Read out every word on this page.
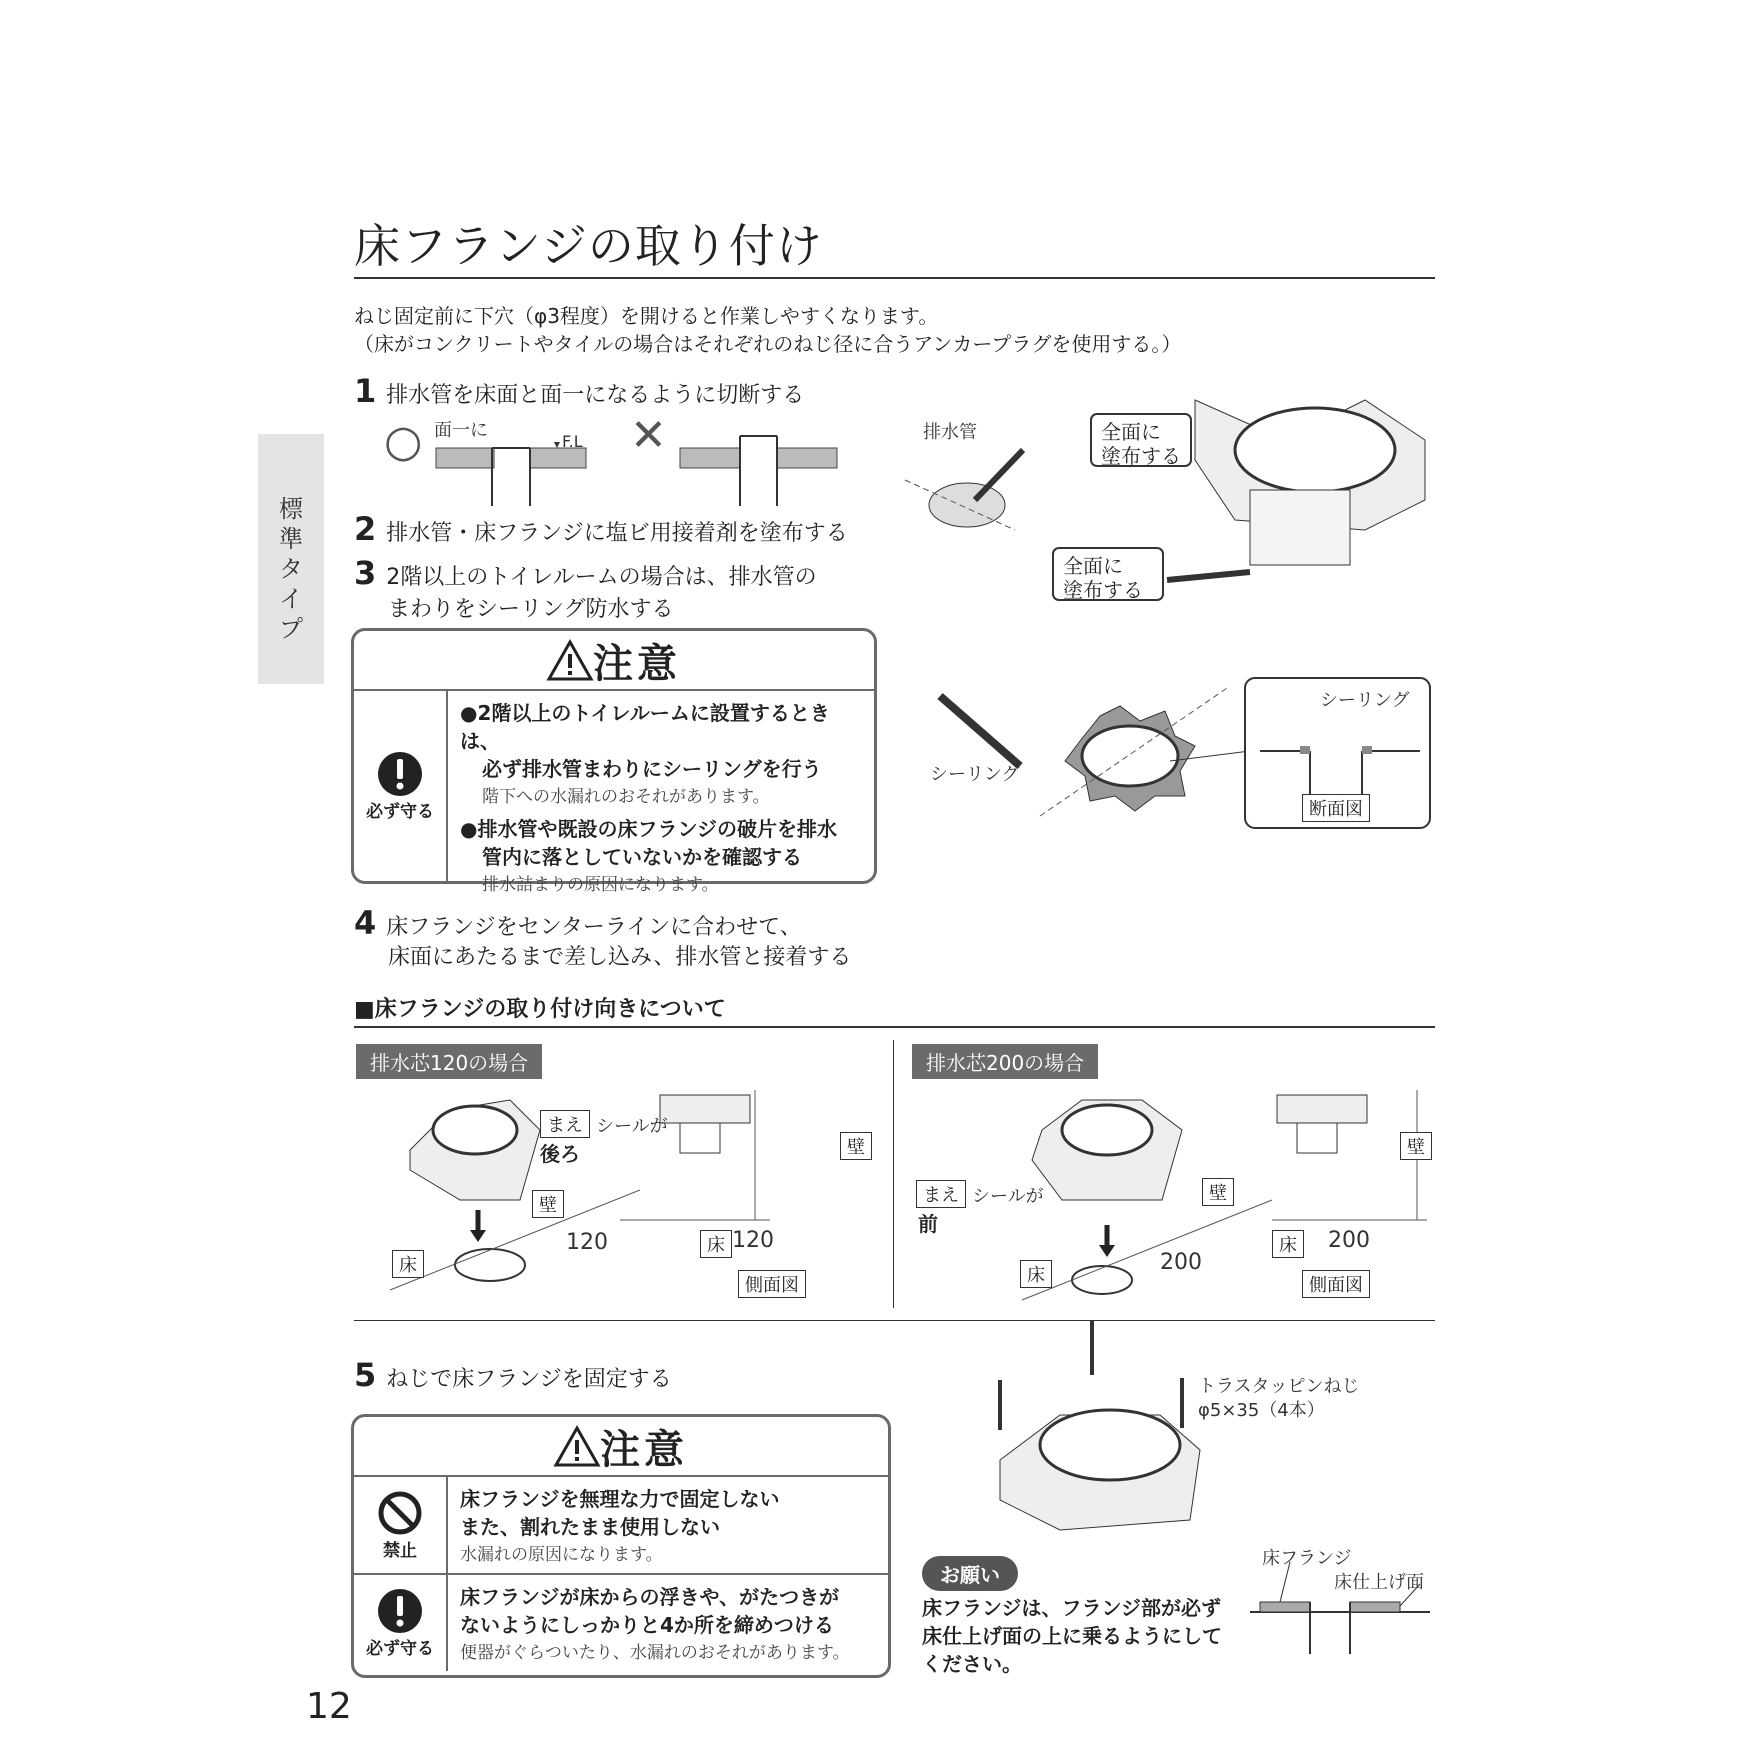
標準タイプ
床フランジの取り付け
ねじ固定前に下穴（φ3程度）を開けると作業しやすくなります。
（床がコンクリートやタイルの場合はそれぞれのねじ径に合うアンカープラグを使用する。）
1 排水管を床面と面一になるように切断する
○ 面一に
F.L ✕
2 排水管・床フランジに塩ビ用接着剤を塗布する
3 2階以上のトイレルームの場合は、排水管の
まわりをシーリング防水する
排水管	全面に
塗布する
全面に
塗布する
注意
必ず守る
●2階以上のトイレルームに設置するときは、
必ず排水管まわりにシーリングを行う
階下への水漏れのおそれがあります。
●排水管や既設の床フランジの破片を排水
管内に落としていないかを確認する
排水詰まりの原因になります。
シーリング
シーリング
断面図
4 床フランジをセンターラインに合わせて、
床面にあたるまで差し込み、排水管と接着する
■床フランジの取り付け向きについて
排水芯120の場合
まえ シールが
後ろ
壁
床
120
壁
床 120
側面図
排水芯200の場合
まえ シールが
前
壁
床
200
壁
床	200
側面図
5 ねじで床フランジを固定する
注意
禁止
床フランジを無理な力で固定しない
また、割れたまま使用しない
水漏れの原因になります。
必ず守る
床フランジが床からの浮きや、がたつきが
ないようにしっかりと4か所を締めつける
便器がぐらついたり、水漏れのおそれがあります。
トラスタッピンねじ
φ5×35（4本）
お願い
床フランジは、フランジ部が必ず
床仕上げ面の上に乗るようにして
ください。
床フランジ
床仕上げ面
12
